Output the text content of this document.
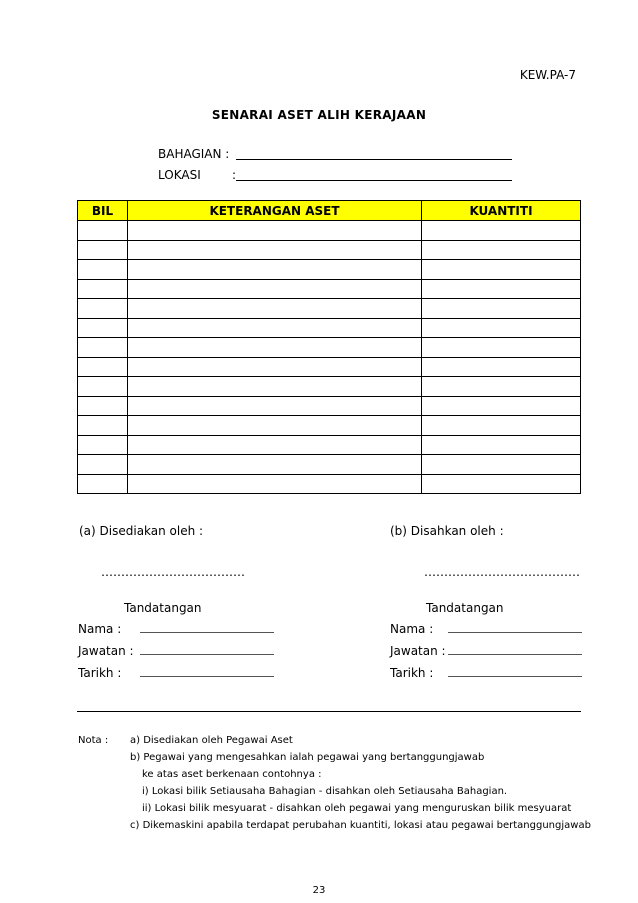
KEW.PA-7
SENARAI ASET ALIH KERAJAAN
BAHAGIAN :
LOKASI	:
BIL	KETERANGAN ASET	KUANTITI

(a) Disediakan oleh :	(b) Disahkan oleh :
………………………………	…………………………………
Tandatangan	Tandatangan
Nama :
Jawatan :
Tarikh :
Nama :
Jawatan :
Tarikh :
Nota :	a) Disediakan oleh Pegawai Aset
b) Pegawai yang mengesahkan ialah pegawai yang bertanggungjawab
ke atas aset berkenaan contohnya :
i) Lokasi bilik Setiausaha Bahagian - disahkan oleh Setiausaha Bahagian.
ii) Lokasi bilik mesyuarat - disahkan oleh pegawai yang menguruskan bilik mesyuarat
c) Dikemaskini apabila terdapat perubahan kuantiti, lokasi atau pegawai bertanggungjawab
23
